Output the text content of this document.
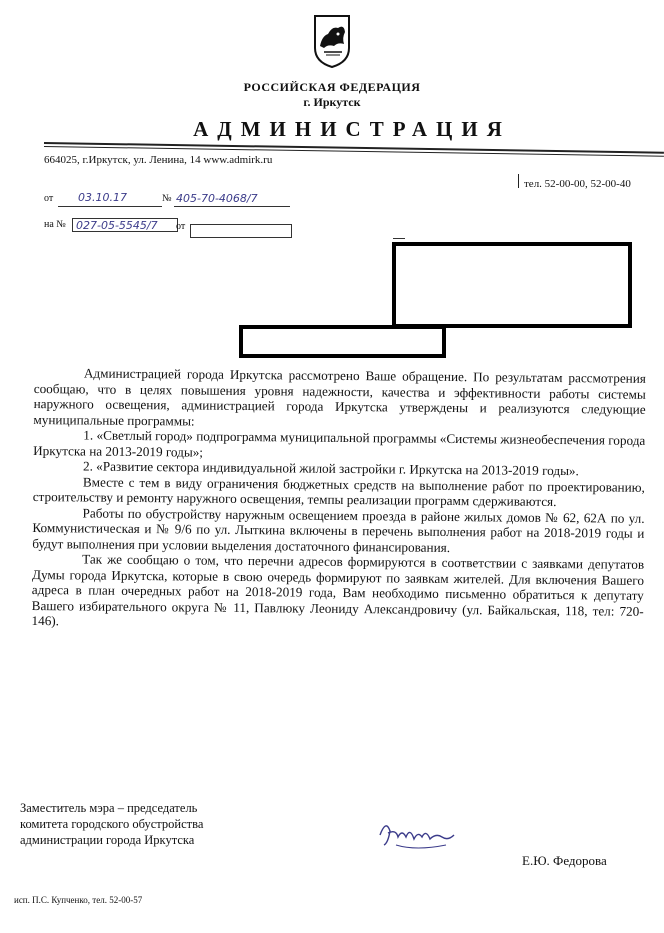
РОССИЙСКАЯ ФЕДЕРАЦИЯ
г. Иркутск
АДМИНИСТРАЦИЯ
664025, г.Иркутск, ул. Ленина, 14 www.admirk.ru
тел. 52-00-00, 52-00-40
от 03.10.17	№ 405-70-4068/7
на № 027-05-5545/7 от

Администрацией города Иркутска рассмотрено Ваше обращение. По результатам рассмотрения сообщаю, что в целях повышения уровня надежности, качества и эффективности работы системы наружного освещения, администрацией города Иркутска утверждены и реализуются следующие муниципальные программы:

1. «Светлый город» подпрограмма муниципальной программы «Системы жизнеобеспечения города Иркутска на 2013-2019 годы»;

2. «Развитие сектора индивидуальной жилой застройки г. Иркутска на 2013-2019 годы».

Вместе с тем в виду ограничения бюджетных средств на выполнение работ по проектированию, строительству и ремонту наружного освещения, темпы реализации программ сдерживаются.

Работы по обустройству наружным освещением проезда в районе жилых домов № 62, 62А по ул. Коммунистическая и № 9/6 по ул. Лыткина включены в перечень выполнения работ на 2018-2019 годы и будут выполнения при условии выделения достаточного финансирования.

Так же сообщаю о том, что перечни адресов формируются в соответствии с заявками депутатов Думы города Иркутска, которые в свою очередь формируют по заявкам жителей. Для включения Вашего адреса в план очередных работ на 2018-2019 года, Вам необходимо письменно обратиться к депутату Вашего избирательного округа № 11, Павлюку Леониду Александровичу (ул. Байкальская, 118, тел: 720-146).

Заместитель мэра – председатель
комитета городского обустройства
администрации города Иркутска
Е.Ю. Федорова
исп. П.С. Купченко, тел. 52-00-57
